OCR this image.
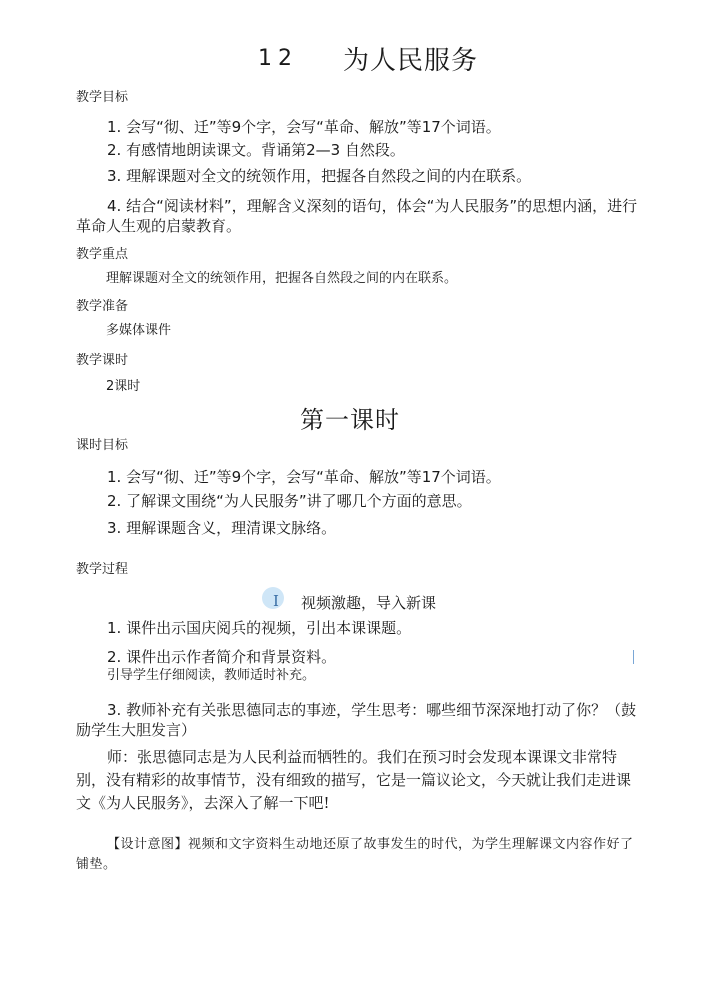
12 为人民服务
教学目标
1. 会写“彻、迁”等9个字，会写“革命、解放”等17个词语。
2. 有感情地朗读课文。背诵第2—3 自然段。
3. 理解课题对全文的统领作用，把握各自然段之间的内在联系。
4. 结合“阅读材料”，理解含义深刻的语句，体会“为人民服务”的思想内涵，进行革命人生观的启蒙教育。
教学重点
理解课题对全文的统领作用，把握各自然段之间的内在联系。
教学准备
多媒体课件
教学课时
2课时
第一课时
课时目标
1. 会写“彻、迁”等9个字，会写“革命、解放”等17个词语。
2. 了解课文围绕“为人民服务”讲了哪几个方面的意思。
3. 理解课题含义，理清课文脉络。
教学过程
I 视频激趣，导入新课
1. 课件出示国庆阅兵的视频，引出本课课题。
2. 课件出示作者简介和背景资料。
引导学生仔细阅读，教师适时补充。
3. 教师补充有关张思德同志的事迹，学生思考：哪些细节深深地打动了你？（鼓励学生大胆发言）
师：张思德同志是为人民利益而牺牲的。我们在预习时会发现本课课文非常特别，没有精彩的故事情节，没有细致的描写，它是一篇议论文，今天就让我们走进课文《为人民服务》，去深入了解一下吧!
【设计意图】视频和文字资料生动地还原了故事发生的时代，为学生理解课文内容作好了铺垫。
